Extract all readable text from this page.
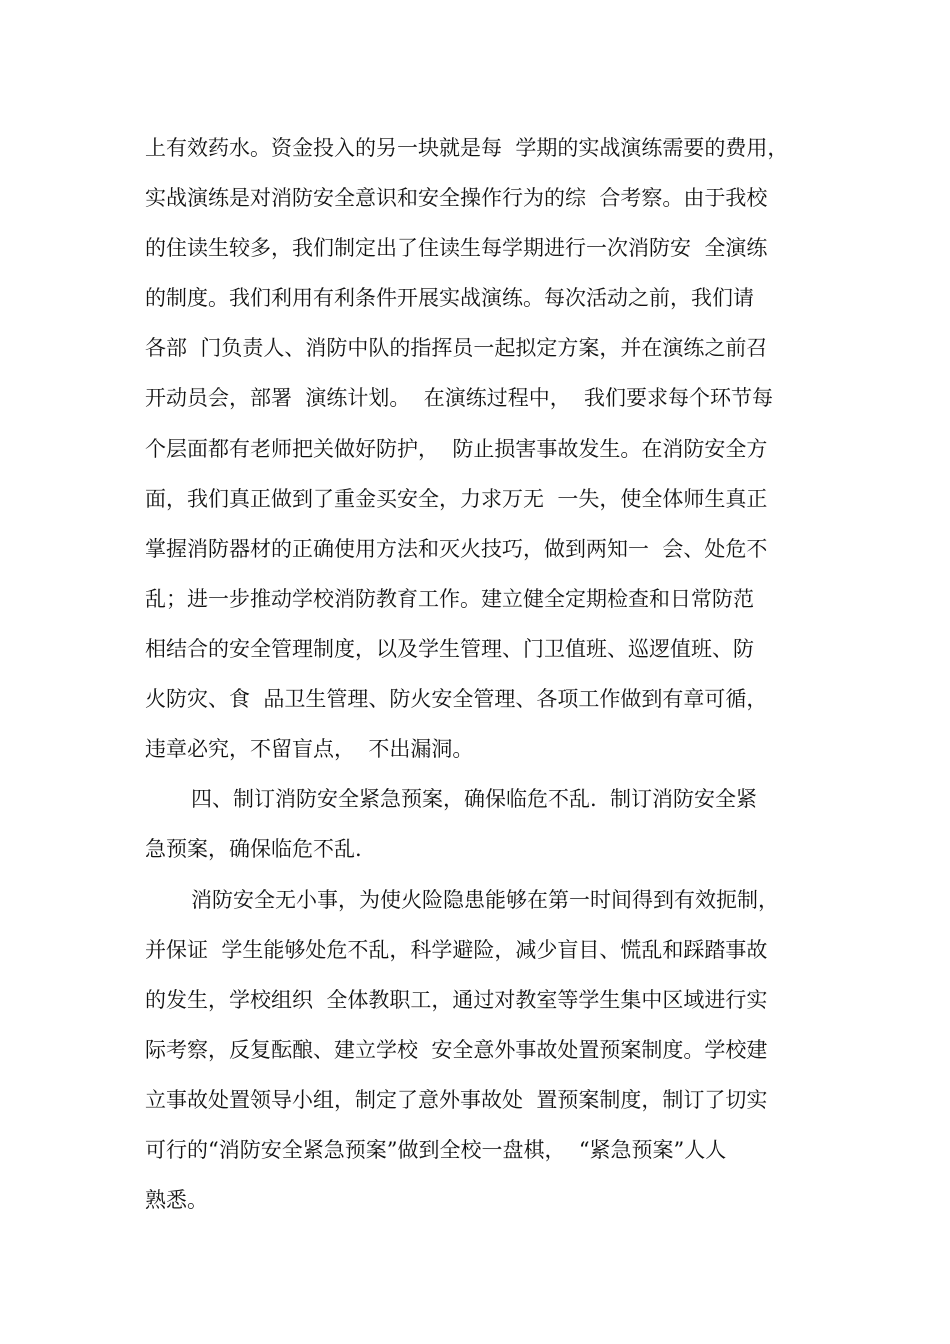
上有效药水。资金投入的另一块就是每  学期的实战演练需要的费用，
实战演练是对消防安全意识和安全操作行为的综  合考察。由于我校
的住读生较多，我们制定出了住读生每学期进行一次消防安  全演练
的制度。我们利用有利条件开展实战演练。每次活动之前，我们请
各部  门负责人、消防中队的指挥员一起拟定方案，并在演练之前召
开动员会，部署  演练计划。  在演练过程中，  我们要求每个环节每
个层面都有老师把关做好防护，  防止损害事故发生。在消防安全方
面，我们真正做到了重金买安全，力求万无  一失，使全体师生真正
掌握消防器材的正确使用方法和灭火技巧，做到两知一  会、处危不
乱；进一步推动学校消防教育工作。建立健全定期检查和日常防范
相结合的安全管理制度，以及学生管理、门卫值班、巡逻值班、防
火防灾、食  品卫生管理、防火安全管理、各项工作做到有章可循，
违章必究，不留盲点，  不出漏洞。
四、制订消防安全紧急预案，确保临危不乱.  制订消防安全紧
急预案，确保临危不乱.
消防安全无小事，为使火险隐患能够在第一时间得到有效扼制，
并保证  学生能够处危不乱，科学避险，减少盲目、慌乱和踩踏事故
的发生，学校组织  全体教职工，通过对教室等学生集中区域进行实
际考察，反复酝酿、建立学校  安全意外事故处置预案制度。学校建
立事故处置领导小组，制定了意外事故处  置预案制度，制订了切实
可行的“消防安全紧急预案”做到全校一盘棋，  “紧急预案”人人
熟悉。
